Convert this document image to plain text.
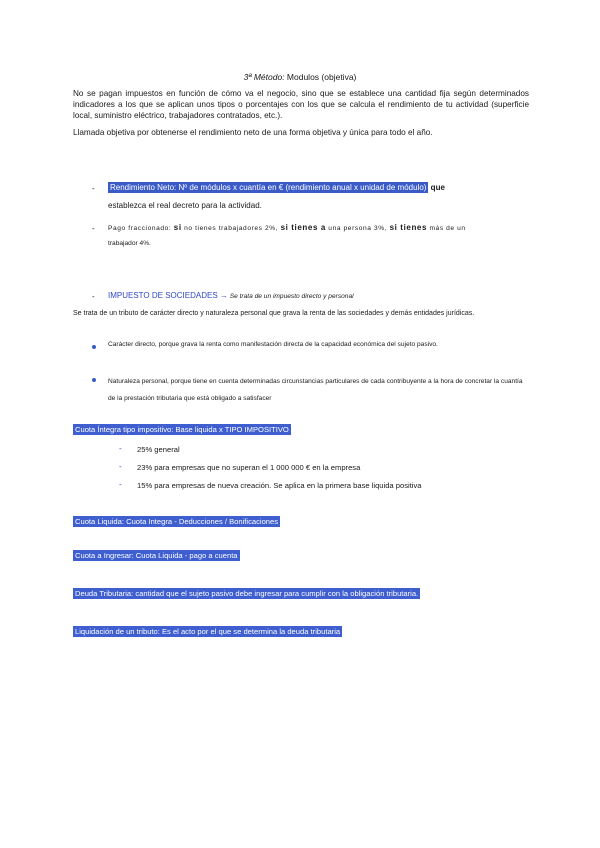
3ª Método: Modulos (objetiva)

No se pagan impuestos en función de cómo va el negocio, sino que se establece una cantidad fija según determinados indicadores a los que se aplican unos tipos o porcentajes con los que se calcula el rendimiento de tu actividad (superficie local, suministro eléctrico, trabajadores contratados, etc.).

Llamada objetiva por obtenerse el rendimiento neto de una forma objetiva y única para todo el año.

- Rendimiento Neto: Nº de módulos x cuantía en € (rendimiento anual x unidad de módulo) que
establezca el real decreto para la actividad.
- Pago fraccionado: si no tienes trabajadores 2%, si tienes a una persona 3%, si tienes más de un
trabajador 4%.
- IMPUESTO DE SOCIEDADES → Se trata de un impuesto directo y personal
Se trata de un tributo de carácter directo y naturaleza personal que grava la renta de las sociedades y demás entidades jurídicas.
Carácter directo, porque grava la renta como manifestación directa de la capacidad económica del sujeto pasivo.
Naturaleza personal, porque tiene en cuenta determinadas circunstancias particulares de cada contribuyente a la hora de concretar la cuantía de la prestación tributaria que está obligado a satisfacer
Cuota Íntegra tipo impositivo: Base liquida x TIPO IMPOSITIVO
- 25% general
- 23% para empresas que no superan el 1 000 000 € en la empresa
- 15% para empresas de nueva creación. Se aplica en la primera base liquida positiva
Cuota Liquida: Cuota Integra - Deducciones / Bonificaciones
Cuota a Ingresar: Cuota Liquida - pago a cuenta
Deuda Tributaria: cantidad que el sujeto pasivo debe ingresar para cumplir con la obligación tributaria.
Liquidación de un tributo: Es el acto por el que se determina la deuda tributaria
